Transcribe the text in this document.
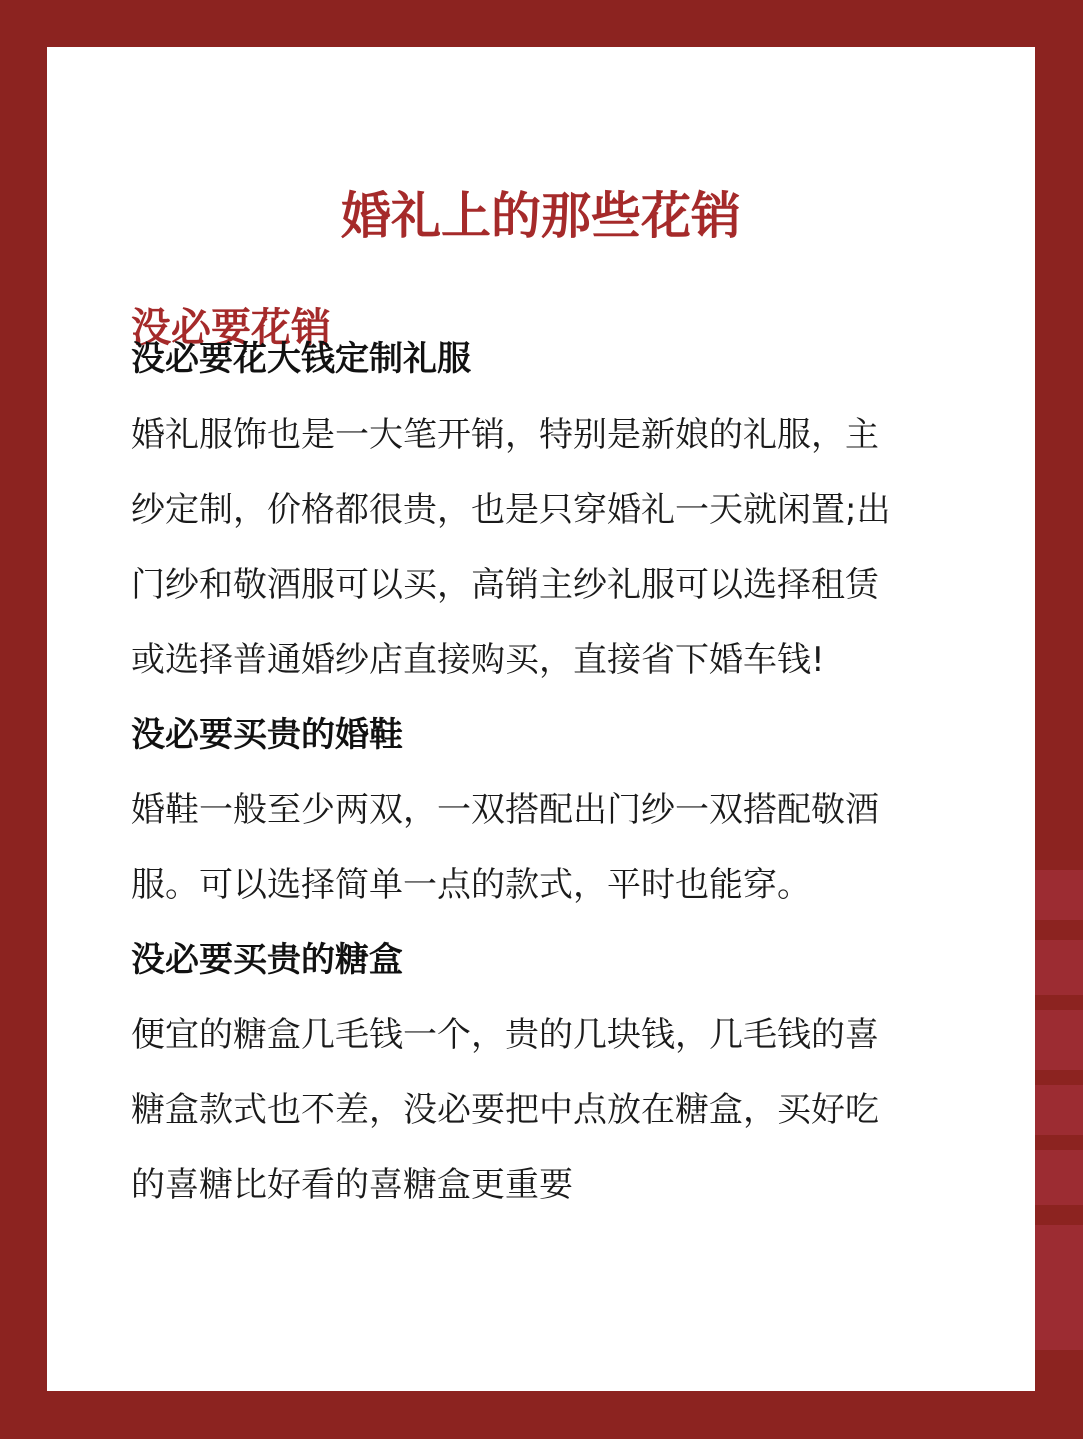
婚礼上的那些花销
没必要花销
没必要花大钱定制礼服

婚礼服饰也是一大笔开销，特别是新娘的礼服，主

纱定制，价格都很贵，也是只穿婚礼一天就闲置;出

门纱和敬酒服可以买，高销主纱礼服可以选择租赁

或选择普通婚纱店直接购买，直接省下婚车钱!

没必要买贵的婚鞋

婚鞋一般至少两双，一双搭配出门纱一双搭配敬酒

服。可以选择简单一点的款式，平时也能穿。

没必要买贵的糖盒

便宜的糖盒几毛钱一个，贵的几块钱，几毛钱的喜

糖盒款式也不差，没必要把中点放在糖盒，买好吃

的喜糖比好看的喜糖盒更重要
